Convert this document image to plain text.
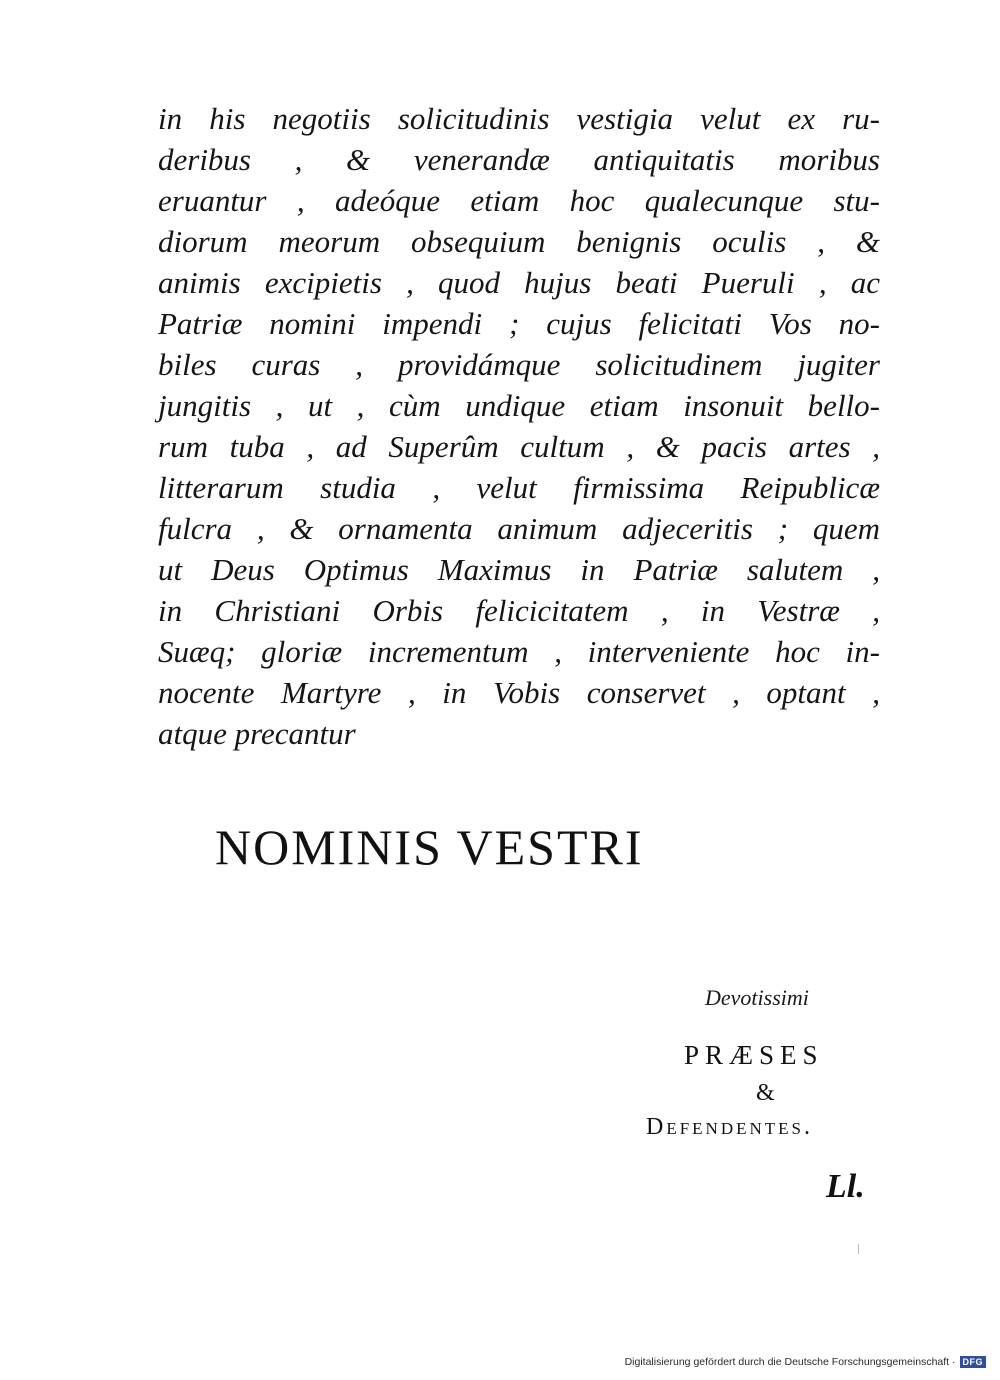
in his negotiis solicitudinis vestigia velut ex ru-
deribus , & venerandæ antiquitatis moribus
eruantur , adeóque etiam hoc qualecunque stu-
diorum meorum obsequium benignis oculis , &
animis excipietis , quod hujus beati Pueruli , ac
Patriæ nomini impendi ; cujus felicitati Vos no-
biles curas , providámque solicitudinem jugiter
jungitis , ut , cùm undique etiam insonuit bello-
rum tuba , ad Superûm cultum , & pacis artes ,
litterarum studia , velut firmissima Reipublicæ
fulcra , & ornamenta animum adjeceritis ; quem
ut Deus Optimus Maximus in Patriæ salutem ,
in Christiani Orbis felicicitatem , in Vestræ ,
Suæq; gloriæ incrementum , interveniente hoc in-
nocente Martyre , in Vobis conservet , optant ,
atque precantur
NOMINIS VESTRI
Devotissimi
PRÆSES
&
Defendentes.
Ll.
Digitalisierung gefördert durch die Deutsche Forschungsgemeinschaft · DFG
